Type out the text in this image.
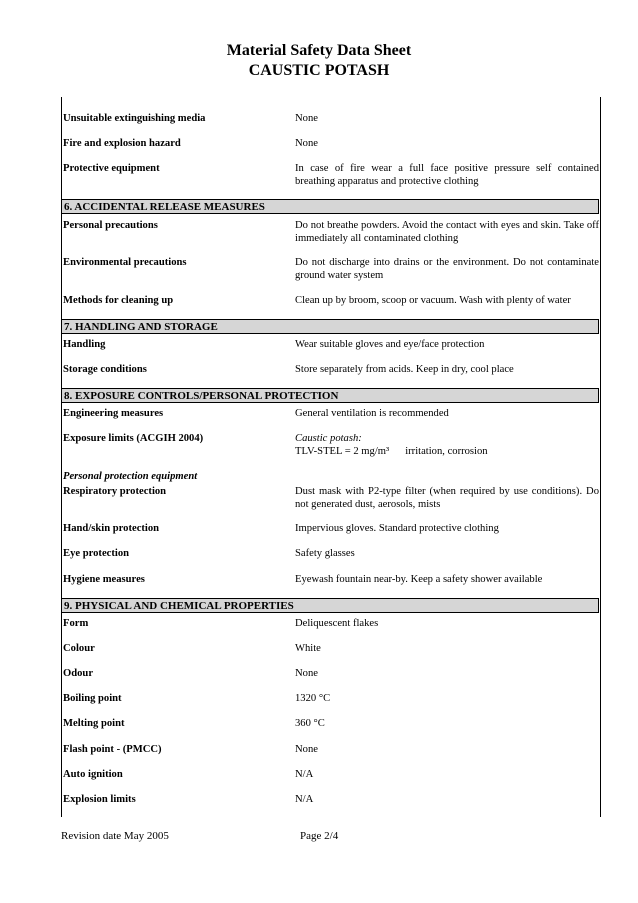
Material Safety Data Sheet
CAUSTIC POTASH
Unsuitable extinguishing media	None
Fire and explosion hazard	None
Protective equipment	In case of fire wear a full face positive pressure self contained breathing apparatus and protective clothing
6. ACCIDENTAL RELEASE MEASURES
Personal precautions	Do not breathe powders. Avoid the contact with eyes and skin. Take off immediately all contaminated clothing
Environmental precautions	Do not discharge into drains or the environment. Do not contaminate ground water system
Methods for cleaning up	Clean up by broom, scoop or vacuum. Wash with plenty of water
7. HANDLING AND STORAGE
Handling	Wear suitable gloves and eye/face protection
Storage conditions	Store separately from acids. Keep in dry, cool place
8. EXPOSURE CONTROLS/PERSONAL PROTECTION
Engineering measures	General ventilation is recommended
Exposure limits (ACGIH 2004)	Caustic potash:
TLV-STEL = 2 mg/m³ irritation, corrosion
Personal protection equipment
Respiratory protection	Dust mask with P2-type filter (when required by use conditions). Do not generated dust, aerosols, mists
Hand/skin protection	Impervious gloves. Standard protective clothing
Eye protection	Safety glasses
Hygiene measures	Eyewash fountain near-by. Keep a safety shower available
9. PHYSICAL AND CHEMICAL PROPERTIES
Form	Deliquescent flakes
Colour	White
Odour	None
Boiling point	1320 °C
Melting point	360 °C
Flash point - (PMCC)	None
Auto ignition	N/A
Explosion limits	N/A
Revision date May 2005	Page 2/4
